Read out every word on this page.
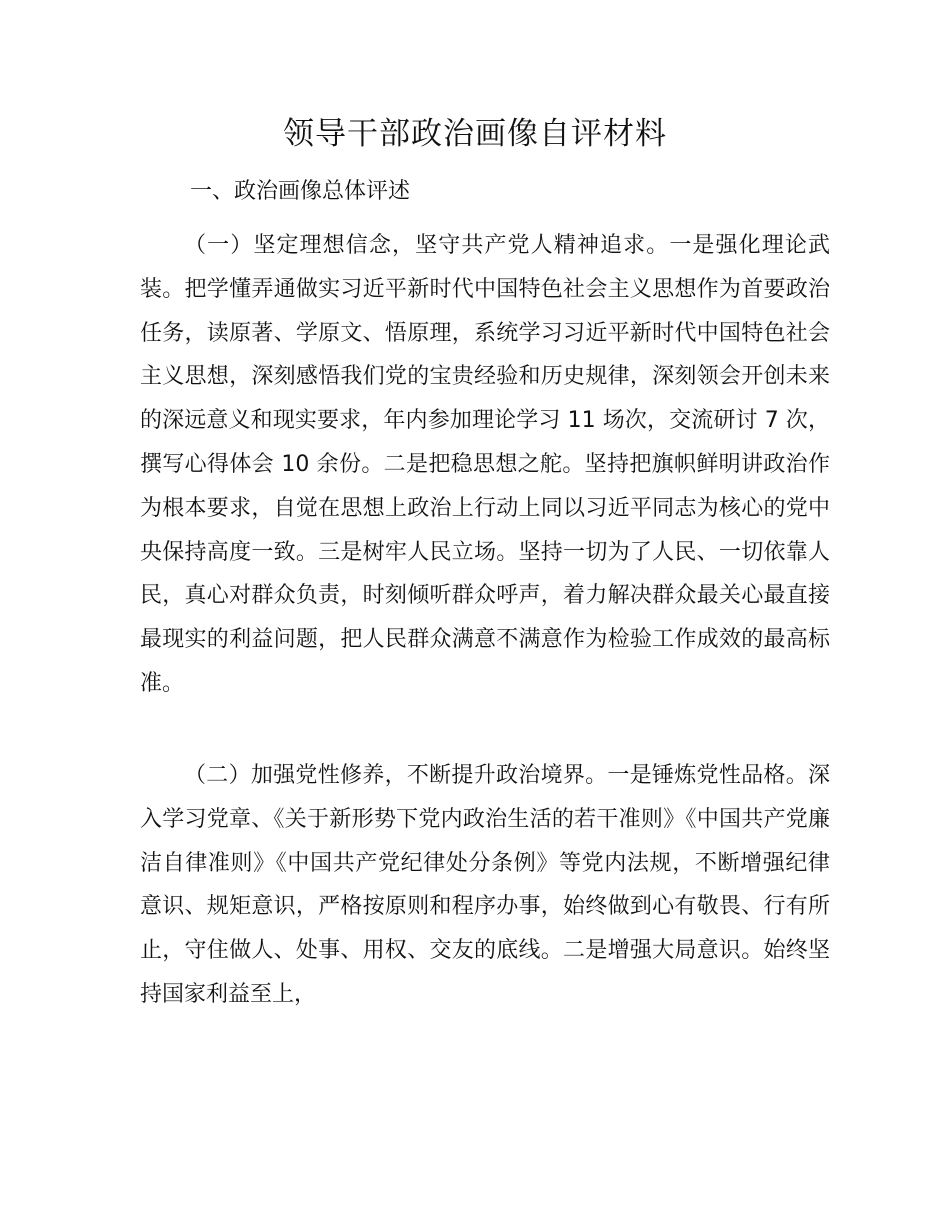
领导干部政治画像自评材料
一、政治画像总体评述

（一）坚定理想信念，坚守共产党人精神追求。一是强化理论武装。把学懂弄通做实习近平新时代中国特色社会主义思想作为首要政治任务，读原著、学原文、悟原理，系统学习习近平新时代中国特色社会主义思想，深刻感悟我们党的宝贵经验和历史规律，深刻领会开创未来的深远意义和现实要求，年内参加理论学习 11 场次，交流研讨 7 次，撰写心得体会 10 余份。二是把稳思想之舵。坚持把旗帜鲜明讲政治作为根本要求，自觉在思想上政治上行动上同以习近平同志为核心的党中央保持高度一致。三是树牢人民立场。坚持一切为了人民、一切依靠人民，真心对群众负责，时刻倾听群众呼声，着力解决群众最关心最直接最现实的利益问题，把人民群众满意不满意作为检验工作成效的最高标准。

（二）加强党性修养，不断提升政治境界。一是锤炼党性品格。深入学习党章、《关于新形势下党内政治生活的若干准则》《中国共产党廉洁自律准则》《中国共产党纪律处分条例》等党内法规，不断增强纪律意识、规矩意识，严格按原则和程序办事，始终做到心有敬畏、行有所止，守住做人、处事、用权、交友的底线。二是增强大局意识。始终坚持国家利益至上，
